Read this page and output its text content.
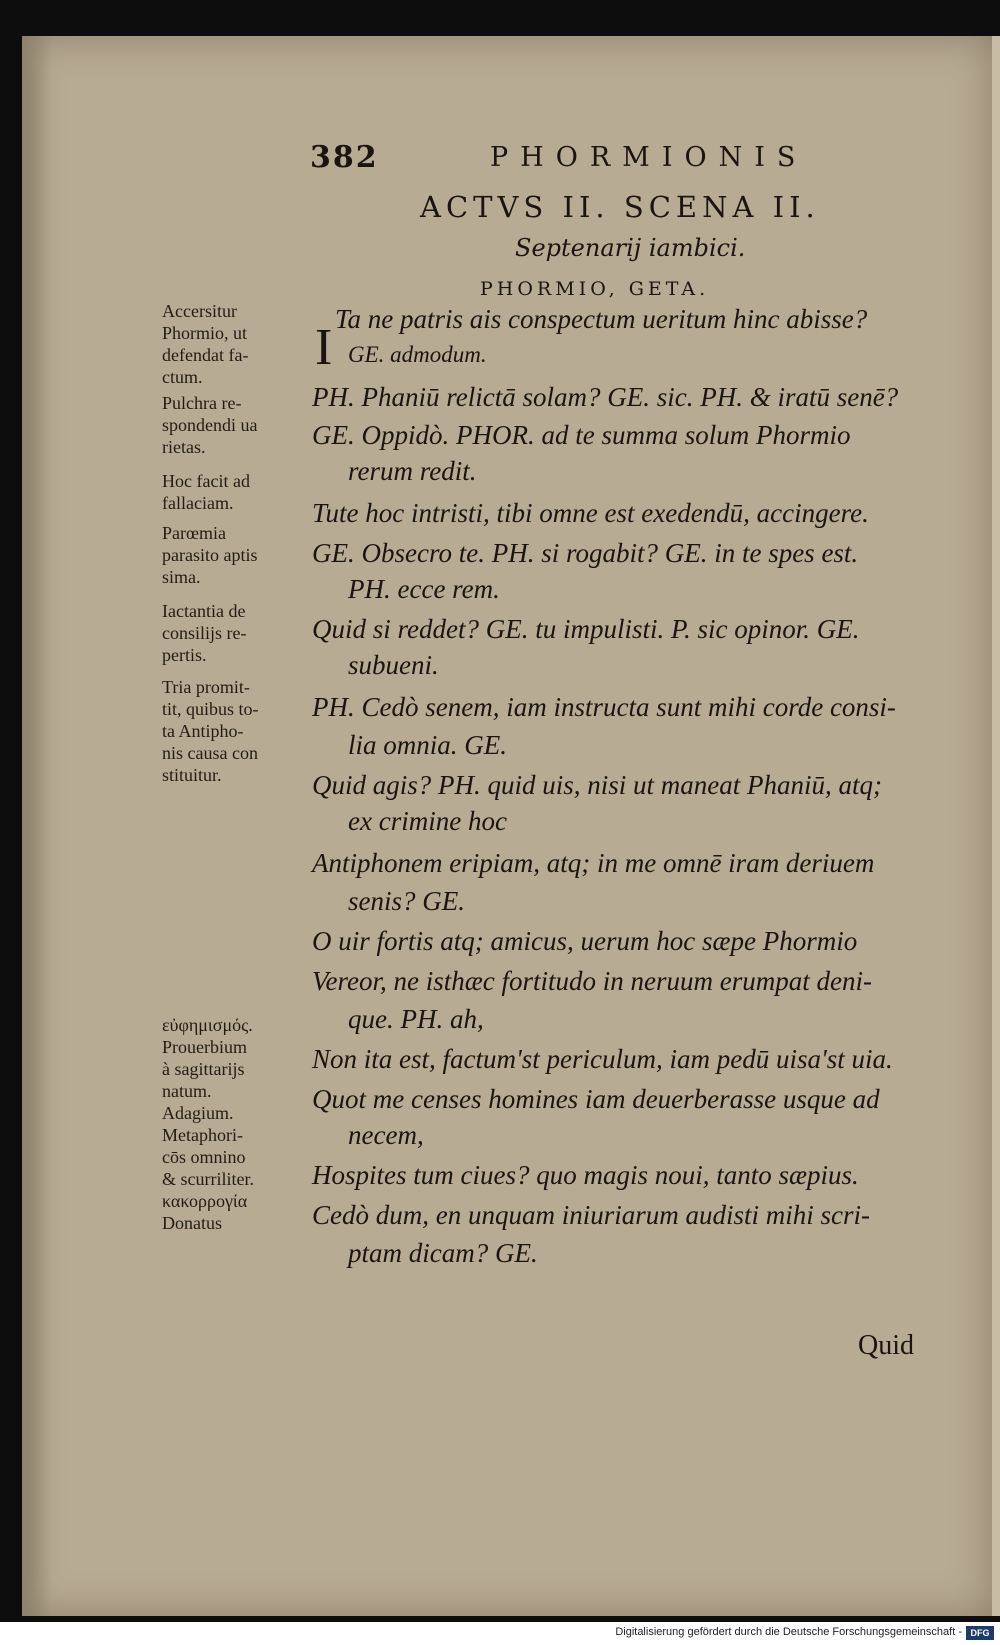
382	PHORMIONIS
ACTVS II. SCENA II.
Septenarij iambici.
PHORMIO, GETA.
I Ta ne patris ais conspectum ueritum hinc abisse?
GE. admodum.
PH. Phaniū relictā solam? GE. sic. PH. & iratū senē?
GE. Oppidò. PHOR. ad te summa solum Phormio
rerum redit.
Tute hoc intristi, tibi omne est exedendū, accingere.
GE. Obsecro te. PH. si rogabit? GE. in te spes est.
PH. ecce rem.
Quid si reddet? GE. tu impulisti. P. sic opinor. GE.
subueni.
PH. Cedò senem, iam instructa sunt mihi corde consi-
lia omnia. GE.
Quid agis? PH. quid uis, nisi ut maneat Phaniū, atq;
ex crimine hoc
Antiphonem eripiam, atq; in me omnē iram deriuem
senis? GE.
O uir fortis atq; amicus, uerum hoc sæpe Phormio
Vereor, ne isthæc fortitudo in neruum erumpat deni-
que. PH. ah,
Non ita est, factum'st periculum, iam pedū uisa'st uia.
Quot me censes homines iam deuerberasse usque ad
necem,
Hospites tum ciues? quo magis noui, tanto sæpius.
Cedò dum, en unquam iniuriarum audisti mihi scri-
ptam dicam? GE.
Accersitur
Phormio, ut
defendat fa-
ctum.
Pulchra re-
spondendi ua
rietas.
Hoc facit ad
fallaciam.
Parœmia
parasito aptis
sima.
Iactantia de
consilijs re-
pertis.
Tria promit-
tit, quibus to-
ta Antipho-
nis causa con
stituitur.
εὐφημισμός.
Prouerbium
à sagittarijs
natum.
Adagium.
Metaphori-
cōs omnino
& scurriliter.
κακορρογία
Donatus
Quid
Digitalisierung gefördert durch die Deutsche Forschungsgemeinschaft - DFG
